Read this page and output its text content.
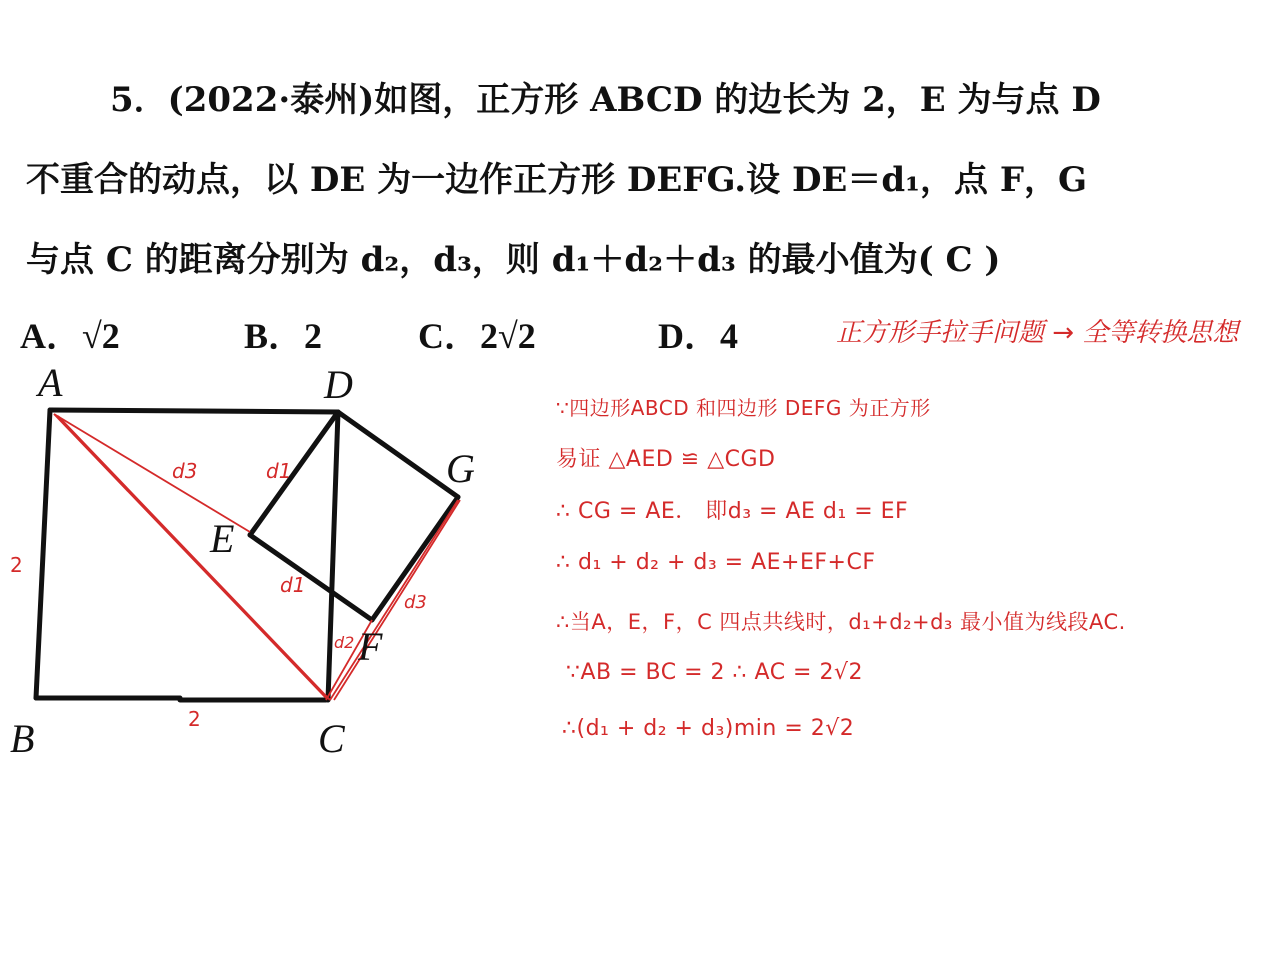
5．(2022·泰州)如图，正方形 ABCD 的边长为 2，E 为与点 D
不重合的动点，以 DE 为一边作正方形 DEFG.设 DE＝d₁，点 F，G
与点 C 的距离分别为 d₂，d₃，则 d₁＋d₂＋d₃ 的最小值为( C )
A．√2	B．2	C．2√2	D．4	正方形手拉手问题 → 全等转换思想
A	D
G
E
F
B	C
d3	d1
d1
d2
d3
2
2
∵四边形ABCD 和四边形 DEFG 为正方形
易证 △AED ≌ △CGD
∴ CG = AE． 即d₃ = AE d₁ = EF
∴ d₁ + d₂ + d₃ = AE+EF+CF
∴当A，E，F，C 四点共线时，d₁+d₂+d₃ 最小值为线段AC.
∵AB = BC = 2 ∴ AC = 2√2
∴(d₁ + d₂ + d₃)min = 2√2
